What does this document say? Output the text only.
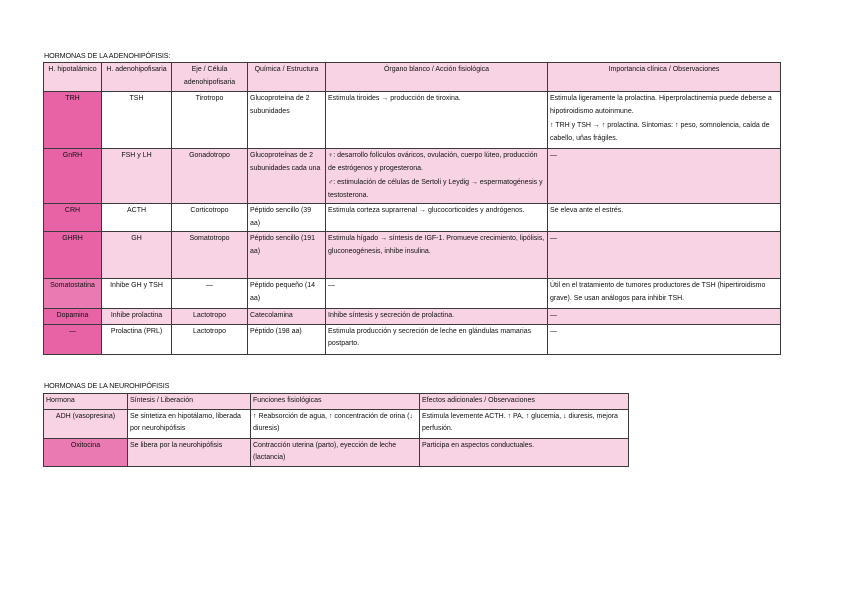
HORMONAS DE LA ADENOHIPÓFISIS:
H. hipotalámico	H. adenohipofisaria	Eje / Célula adenohipofisaria	Química / Estructura	Órgano blanco / Acción fisiológica	Importancia clínica / Observaciones
TRH	TSH	Tirotropo	Glucoproteína de 2 subunidades	Estimula tiroides → producción de tiroxina.	Estimula ligeramente la prolactina. Hiperprolactinemia puede deberse a hipotiroidismo autoinmune.
↑ TRH y TSH → ↑ prolactina. Síntomas: ↑ peso, somnolencia, caída de cabello, uñas frágiles.

GnRH	FSH y LH	Gonadotropo	Glucoproteínas de 2 subunidades cada una	♀: desarrollo folículos ováricos, ovulación, cuerpo lúteo, producción de estrógenos y progesterona.
♂: estimulación de células de Sertoli y Leydig → espermatogénesis y testosterona.	—
CRH	ACTH	Corticotropo	Péptido sencillo (39 aa)	Estimula corteza suprarrenal → glucocorticoides y andrógenos.	Se eleva ante el estrés.
GHRH	GH	Somatotropo	Péptido sencillo (191 aa)	Estimula hígado → síntesis de IGF-1. Promueve crecimiento, lipólisis, gluconeogénesis, inhibe insulina.	—
Somatostatina	Inhibe GH y TSH	—	Péptido pequeño (14 aa)	—	Útil en el tratamiento de tumores productores de TSH (hipertiroidismo grave). Se usan análogos para inhibir TSH.
Dopamina	Inhibe prolactina	Lactotropo	Catecolamina	Inhibe síntesis y secreción de prolactina.	—
—	Prolactina (PRL)	Lactotropo	Péptido (198 aa)	Estimula producción y secreción de leche en glándulas mamarias postparto.	—
HORMONAS DE LA NEUROHIPÓFISIS
Hormona	Síntesis / Liberación	Funciones fisiológicas	Efectos adicionales / Observaciones
ADH (vasopresina)	Se sintetiza en hipotálamo, liberada por neurohipófisis	↑ Reabsorción de agua, ↑ concentración de orina (↓ diuresis)	Estimula levemente ACTH. ↑ PA, ↑ glucemia, ↓ diuresis, mejora perfusión.
Oxitocina	Se libera por la neurohipófisis	Contracción uterina (parto), eyección de leche (lactancia)	Participa en aspectos conductuales.
